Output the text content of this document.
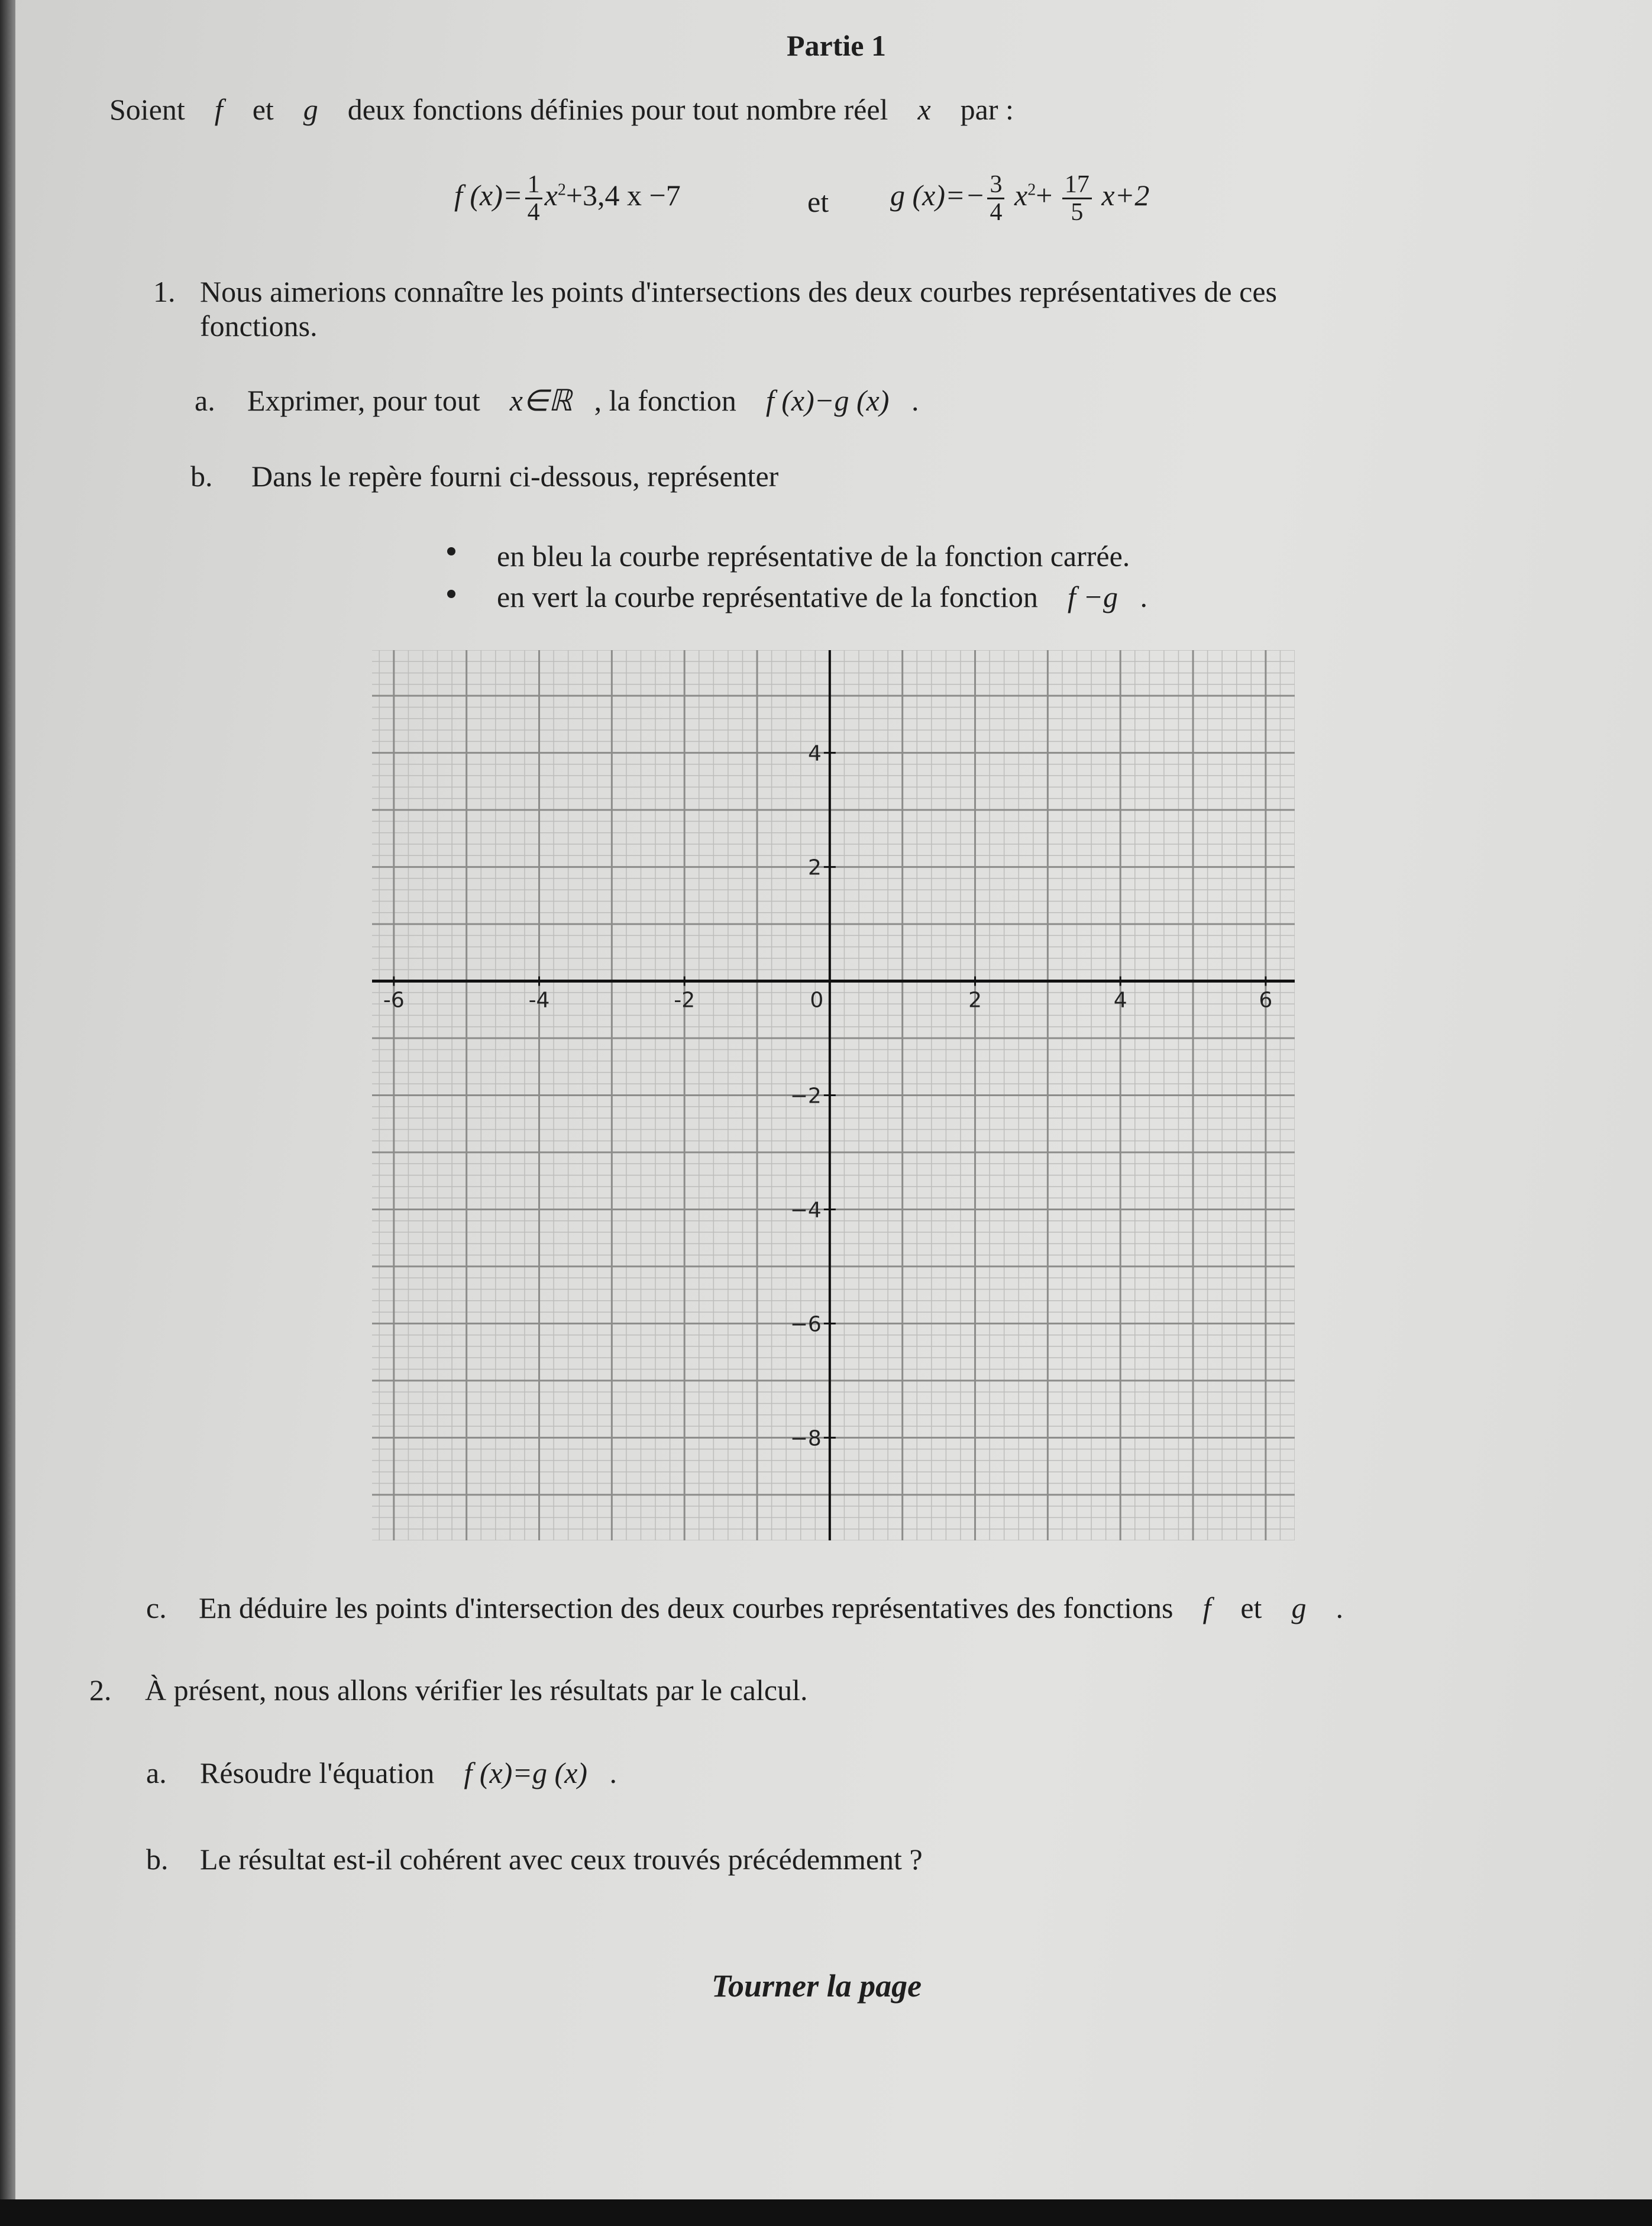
Partie 1
Soient f et g deux fonctions définies pour tout nombre réel x par :
f $(x)= \frac{1}{4} x^2+3,4$ x −7	et g $(x)=- \frac{3}{4} x^2+ \frac{17}{5} x+2$
1. Nous aimerions connaître les points d'intersections des deux courbes représentatives de ces
fonctions.
a. Exprimer, pour tout x∈ℝ , la fonction f (x)−g (x) .
b. Dans le repère fourni ci-dessous, représenter
en bleu la courbe représentative de la fonction carrée.
en vert la courbe représentative de la fonction f −g .
-6	-4	-2	0	2	4	6
4
2
−2
−4
−6
−8
c. En déduire les points d'intersection des deux courbes représentatives des fonctions f et g .
2. À présent, nous allons vérifier les résultats par le calcul.
a. Résoudre l'équation f (x)=g (x) .
b. Le résultat est-il cohérent avec ceux trouvés précédemment ?
Tourner la page
